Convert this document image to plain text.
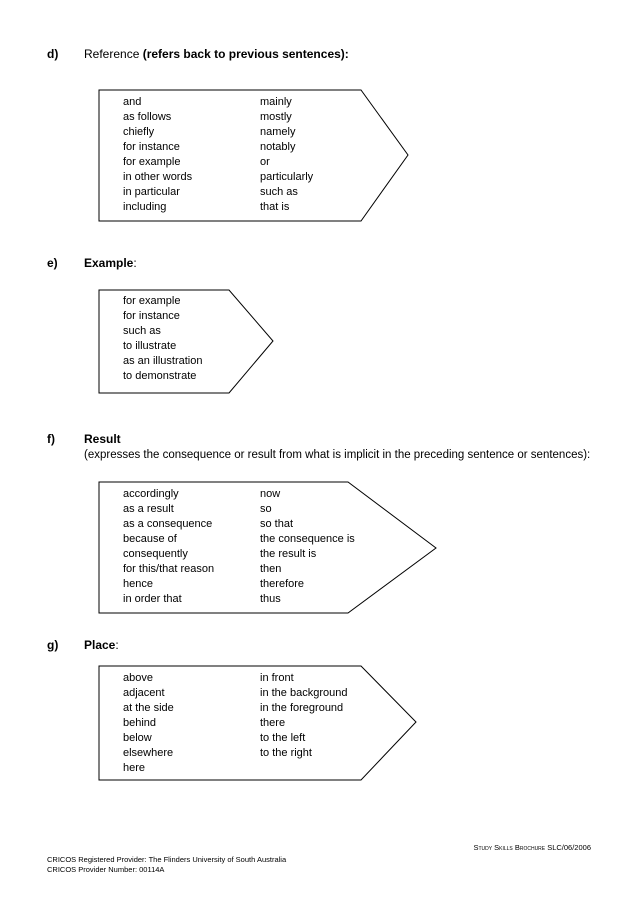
d) Reference (refers back to previous sentences):
and
as follows
chiefly
for instance
for example
in other words
in particular
including
mainly
mostly
namely
notably
or
particularly
such as
that is
e) Example:
for example
for instance
such as
to illustrate
as an illustration
to demonstrate
f) Result
(expresses the consequence or result from what is implicit in the preceding sentence or sentences):
accordingly
as a result
as a consequence
because of
consequently
for this/that reason
hence
in order that
now
so
so that
the consequence is
the result is
then
therefore
thus
g) Place:
above
adjacent
at the side
behind
below
elsewhere
here
in front
in the background
in the foreground
there
to the left
to the right
Study Skills Brochure SLC/06/2006
CRICOS Registered Provider: The Flinders University of South Australia
CRICOS Provider Number: 00114A
